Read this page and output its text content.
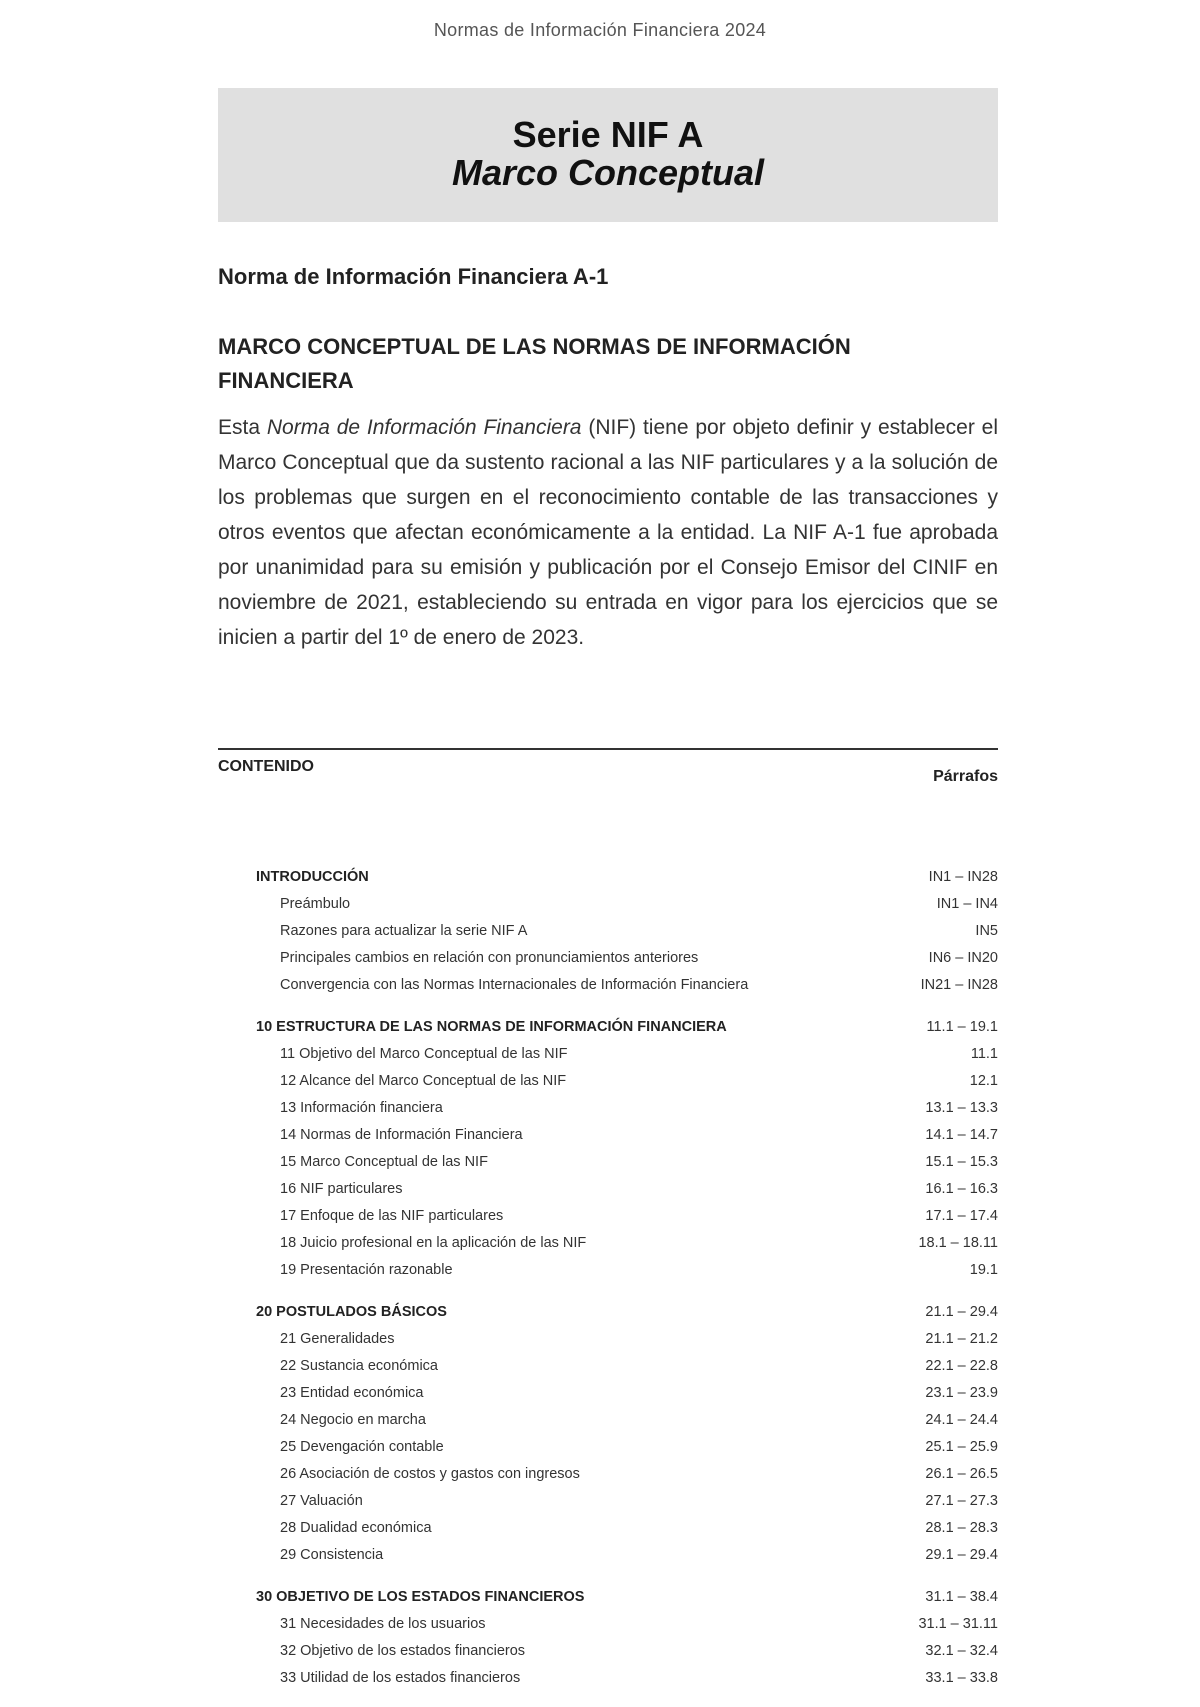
Normas de Información Financiera 2024
Serie NIF A
Marco Conceptual
Norma de Información Financiera A-1
MARCO CONCEPTUAL DE LAS NORMAS DE INFORMACIÓN FINANCIERA

Esta Norma de Información Financiera (NIF) tiene por objeto definir y establecer el Marco Conceptual que da sustento racional a las NIF particulares y a la solución de los problemas que surgen en el reconocimiento contable de las transacciones y otros eventos que afectan económicamente a la entidad. La NIF A-1 fue aprobada por unanimidad para su emisión y publicación por el Consejo Emisor del CINIF en noviembre de 2021, estableciendo su entrada en vigor para los ejercicios que se inicien a partir del 1º de enero de 2023.

CONTENIDO
Párrafos
INTRODUCCIÓN	IN1 – IN28
Preámbulo	IN1 – IN4
Razones para actualizar la serie NIF A	IN5
Principales cambios en relación con pronunciamientos anteriores	IN6 – IN20
Convergencia con las Normas Internacionales de Información Financiera	IN21 – IN28
10 ESTRUCTURA DE LAS NORMAS DE INFORMACIÓN FINANCIERA	11.1 – 19.1
11 Objetivo del Marco Conceptual de las NIF	11.1
12 Alcance del Marco Conceptual de las NIF	12.1
13 Información financiera	13.1 – 13.3
14 Normas de Información Financiera	14.1 – 14.7
15 Marco Conceptual de las NIF	15.1 – 15.3
16 NIF particulares	16.1 – 16.3
17 Enfoque de las NIF particulares	17.1 – 17.4
18 Juicio profesional en la aplicación de las NIF	18.1 – 18.11
19 Presentación razonable	19.1
20 POSTULADOS BÁSICOS	21.1 – 29.4
21 Generalidades	21.1 – 21.2
22 Sustancia económica	22.1 – 22.8
23 Entidad económica	23.1 – 23.9
24 Negocio en marcha	24.1 – 24.4
25 Devengación contable	25.1 – 25.9
26 Asociación de costos y gastos con ingresos	26.1 – 26.5
27 Valuación	27.1 – 27.3
28 Dualidad económica	28.1 – 28.3
29 Consistencia	29.1 – 29.4
30 OBJETIVO DE LOS ESTADOS FINANCIEROS	31.1 – 38.4
31 Necesidades de los usuarios	31.1 – 31.11
32 Objetivo de los estados financieros	32.1 – 32.4
33 Utilidad de los estados financieros	33.1 – 33.8
